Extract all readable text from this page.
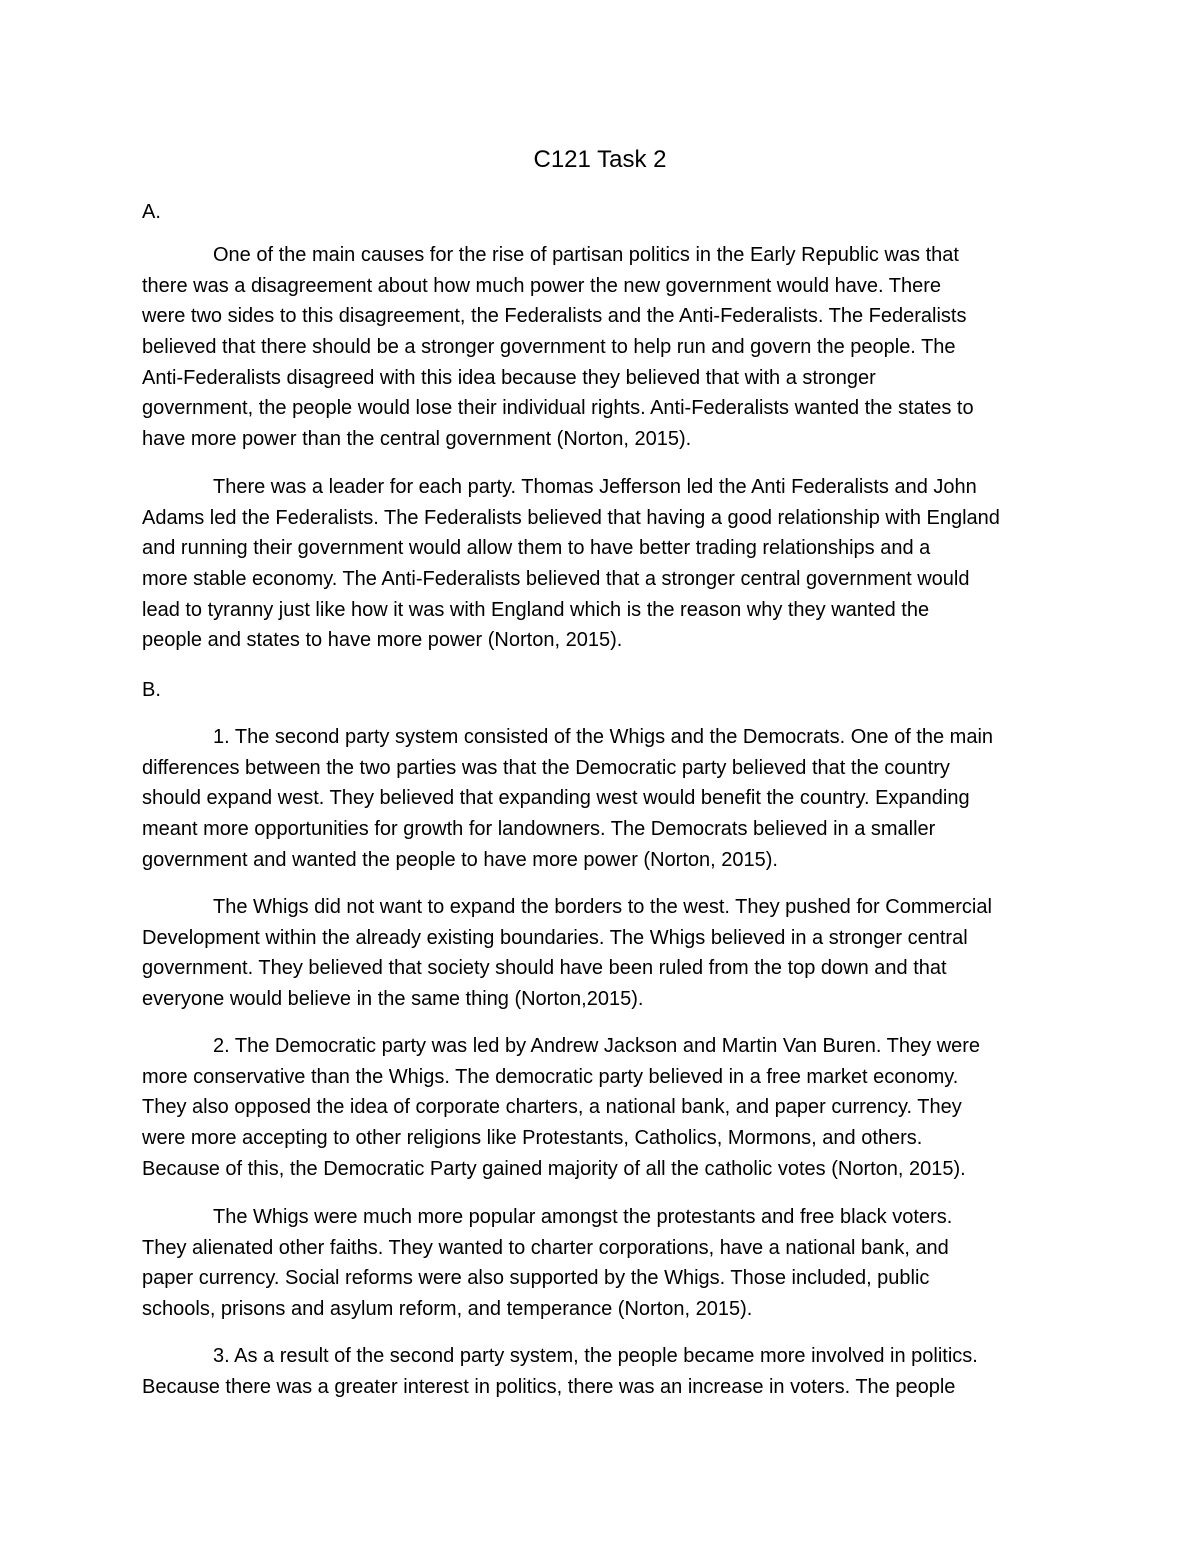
C121 Task 2
A.
One of the main causes for the rise of partisan politics in the Early Republic was that
there was a disagreement about how much power the new government would have. There
were two sides to this disagreement, the Federalists and the Anti-Federalists. The Federalists
believed that there should be a stronger government to help run and govern the people. The
Anti-Federalists disagreed with this idea because they believed that with a stronger
government, the people would lose their individual rights. Anti-Federalists wanted the states to
have more power than the central government (Norton, 2015).
There was a leader for each party. Thomas Jefferson led the Anti Federalists and John
Adams led the Federalists. The Federalists believed that having a good relationship with England
and running their government would allow them to have better trading relationships and a
more stable economy. The Anti-Federalists believed that a stronger central government would
lead to tyranny just like how it was with England which is the reason why they wanted the
people and states to have more power (Norton, 2015).
B.
1. The second party system consisted of the Whigs and the Democrats. One of the main
differences between the two parties was that the Democratic party believed that the country
should expand west. They believed that expanding west would benefit the country. Expanding
meant more opportunities for growth for landowners. The Democrats believed in a smaller
government and wanted the people to have more power (Norton, 2015).
The Whigs did not want to expand the borders to the west. They pushed for Commercial
Development within the already existing boundaries. The Whigs believed in a stronger central
government. They believed that society should have been ruled from the top down and that
everyone would believe in the same thing (Norton,2015).
2. The Democratic party was led by Andrew Jackson and Martin Van Buren. They were
more conservative than the Whigs. The democratic party believed in a free market economy.
They also opposed the idea of corporate charters, a national bank, and paper currency. They
were more accepting to other religions like Protestants, Catholics, Mormons, and others.
Because of this, the Democratic Party gained majority of all the catholic votes (Norton, 2015).
The Whigs were much more popular amongst the protestants and free black voters.
They alienated other faiths. They wanted to charter corporations, have a national bank, and
paper currency. Social reforms were also supported by the Whigs. Those included, public
schools, prisons and asylum reform, and temperance (Norton, 2015).
3. As a result of the second party system, the people became more involved in politics.
Because there was a greater interest in politics, there was an increase in voters. The people
